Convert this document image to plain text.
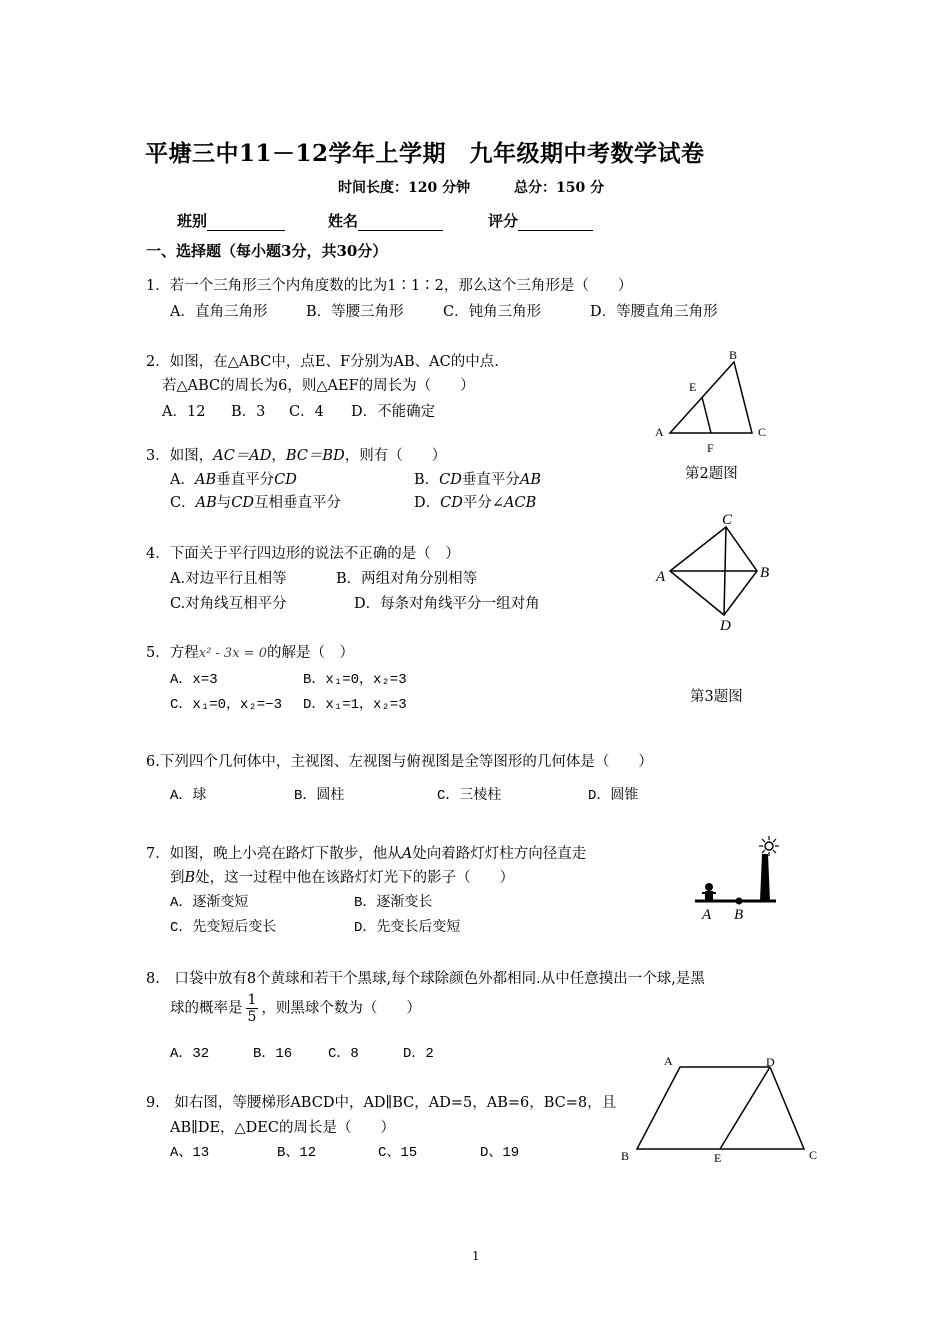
平塘三中11－12学年上学期　九年级期中考数学试卷
时间长度：120 分钟	总分：150 分
班别	姓名	评分
一、选择题（每小题3分，共30分）
1．若一个三角形三个内角度数的比为1∶1∶2，那么这个三角形是（　　）
A．直角三角形	B．等腰三角形	C．钝角三角形	D．等腰直角三角形
2．如图，在△ABC中，点E、F分别为AB、AC的中点.
若△ABC的周长为6，则△AEF的周长为（　　）
A．12 B．3 C．4 D．不能确定
A
B
C
E
F
第2题图
3．如图，AC＝AD，BC＝BD，则有（　　）
A．AB垂直平分CD	B．CD垂直平分AB
C．AB与CD互相垂直平分	D．CD平分∠ACB
A	B
C
D
第3题图
4．下面关于平行四边形的说法不正确的是（　）
A.对边平行且相等	B．两组对角分别相等
C.对角线互相平分	D．每条对角线平分一组对角
5．方程x² - 3x = 0的解是（　）
A．x=3	B．x₁=0，x₂=3
C．x₁=0，x₂=−3 D．x₁=1，x₂=3
6.下列四个几何体中，主视图、左视图与俯视图是全等图形的几何体是（　　）
A．球	B．圆柱	C．三棱柱	D．圆锥
7．如图，晚上小亮在路灯下散步，他从A处向着路灯灯柱方向径直走
到B处，这一过程中他在该路灯灯光下的影子（　　）
A．逐渐变短	B．逐渐变长
C．先变短后变长	D．先变长后变短
A B
8.　口袋中放有8个黄球和若干个黑球,每个球除颜色外都相同.从中任意摸出一个球,是黑
球的概率是 $\frac{1}{5}$ ，则黑球个数为（　　）
A．32	B．16	C．8	D．2
9.　如右图，等腰梯形ABCD中，AD∥BC，AD=5，AB=6，BC=8，且
AB∥DE，△DEC的周长是（　　）
A、13	B、12	C、15	D、19
A	D
B	E	C
1
